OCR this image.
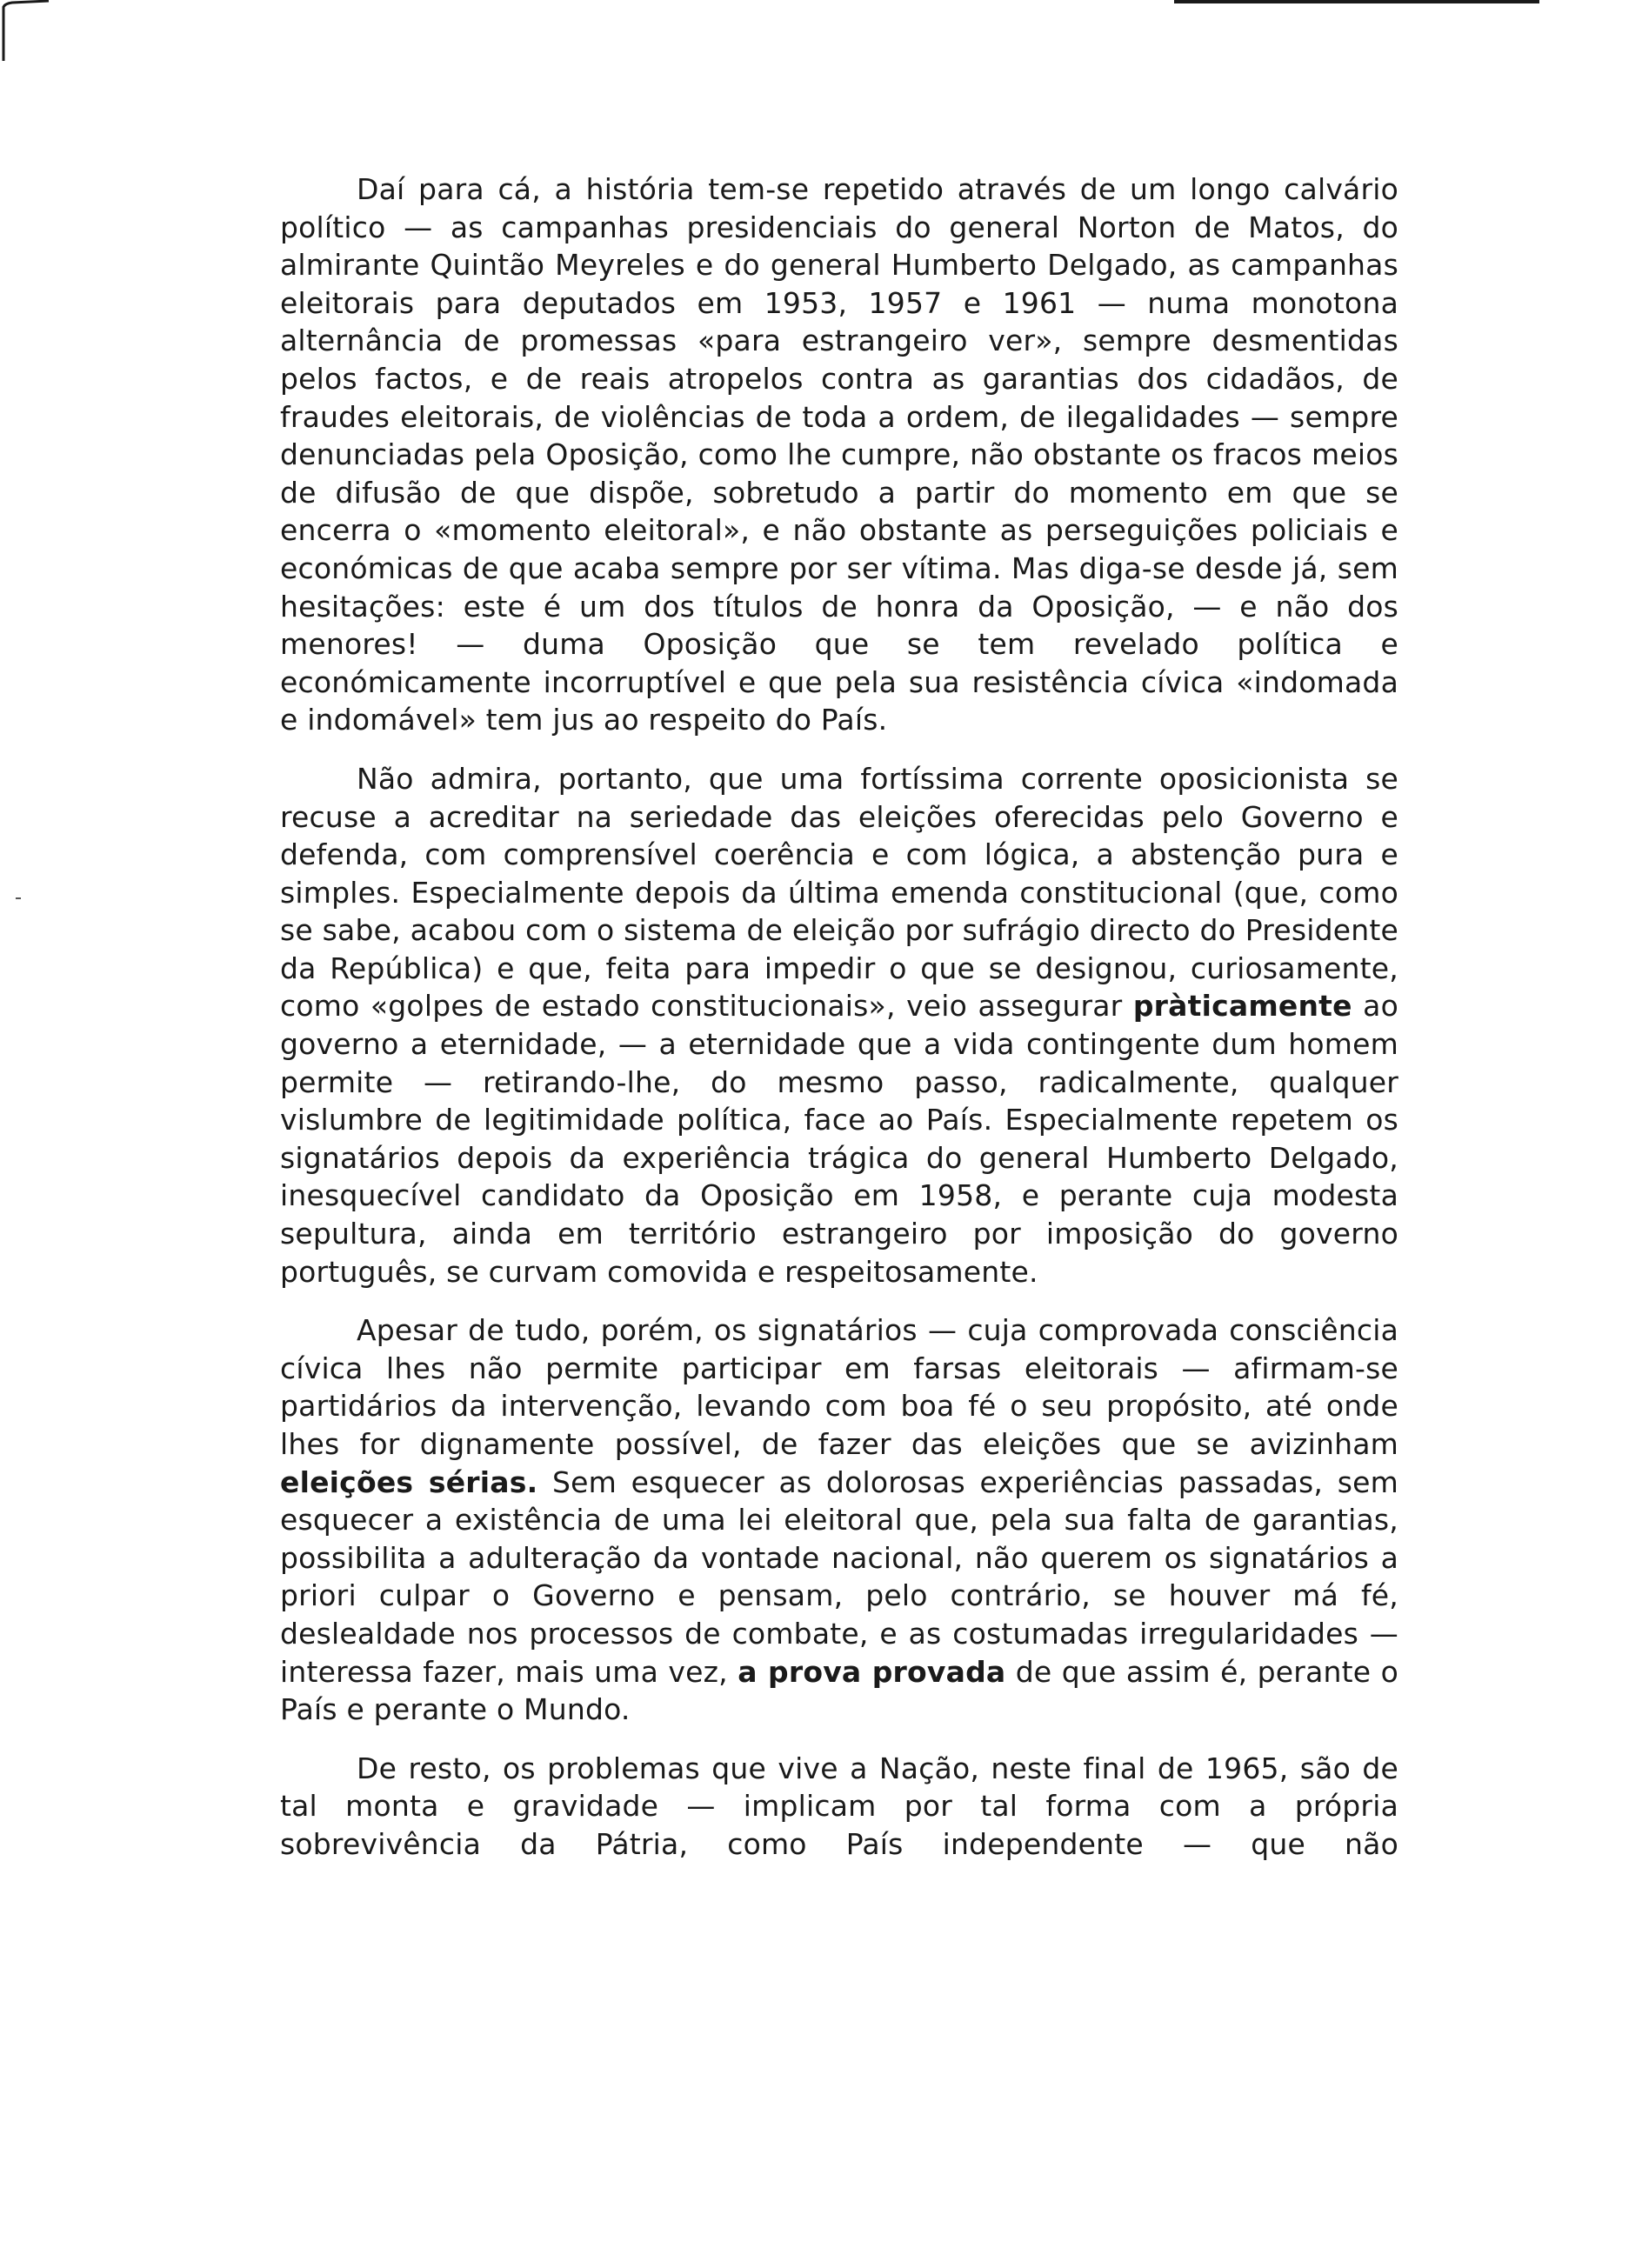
Daí para cá, a história tem-se repetido através de um longo calvário político — as campanhas presidenciais do general Norton de Matos, do almirante Quintão Meyreles e do general Humberto Delgado, as campanhas eleitorais para deputados em 1953, 1957 e 1961 — numa monotona alternância de promessas «para estrangeiro ver», sempre desmentidas pelos factos, e de reais atropelos contra as garantias dos cidadãos, de fraudes eleitorais, de violências de toda a ordem, de ilegalidades — sempre denunciadas pela Oposição, como lhe cumpre, não obstante os fracos meios de difusão de que dispõe, sobretudo a partir do momento em que se encerra o «momento eleitoral», e não obstante as perseguições policiais e económicas de que acaba sempre por ser vítima. Mas diga-se desde já, sem hesitações: este é um dos títulos de honra da Oposição, — e não dos menores! — duma Oposição que se tem revelado política e económicamente incorruptível e que pela sua resistência cívica «indomada e indomável» tem jus ao respeito do País.

Não admira, portanto, que uma fortíssima corrente oposicionista se recuse a acreditar na seriedade das eleições oferecidas pelo Governo e defenda, com comprensível coerência e com lógica, a abstenção pura e simples. Especialmente depois da última emenda constitucional (que, como se sabe, acabou com o sistema de eleição por sufrágio directo do Presidente da República) e que, feita para impedir o que se designou, curiosamente, como «golpes de estado constitucionais», veio assegurar pràticamente ao governo a eternidade, — a eternidade que a vida contingente dum homem permite — retirando-lhe, do mesmo passo, radicalmente, qualquer vislumbre de legitimidade política, face ao País. Especialmente repetem os signatários depois da experiência trágica do general Humberto Delgado, inesquecível candidato da Oposição em 1958, e perante cuja modesta sepultura, ainda em território estrangeiro por imposição do governo português, se curvam comovida e respeitosamente.

Apesar de tudo, porém, os signatários — cuja comprovada consciência cívica lhes não permite participar em farsas eleitorais — afirmam-se partidários da intervenção, levando com boa fé o seu propósito, até onde lhes for dignamente possível, de fazer das eleições que se avizinham eleições sérias. Sem esquecer as dolorosas experiências passadas, sem esquecer a existência de uma lei eleitoral que, pela sua falta de garantias, possibilita a adulteração da vontade nacional, não querem os signatários a priori culpar o Governo e pensam, pelo contrário, se houver má fé, deslealdade nos processos de combate, e as costumadas irregularidades — interessa fazer, mais uma vez, a prova provada de que assim é, perante o País e perante o Mundo.

De resto, os problemas que vive a Nação, neste final de 1965, são de tal monta e gravidade — implicam por tal forma com a própria sobrevivência da Pátria, como País independente — que não
